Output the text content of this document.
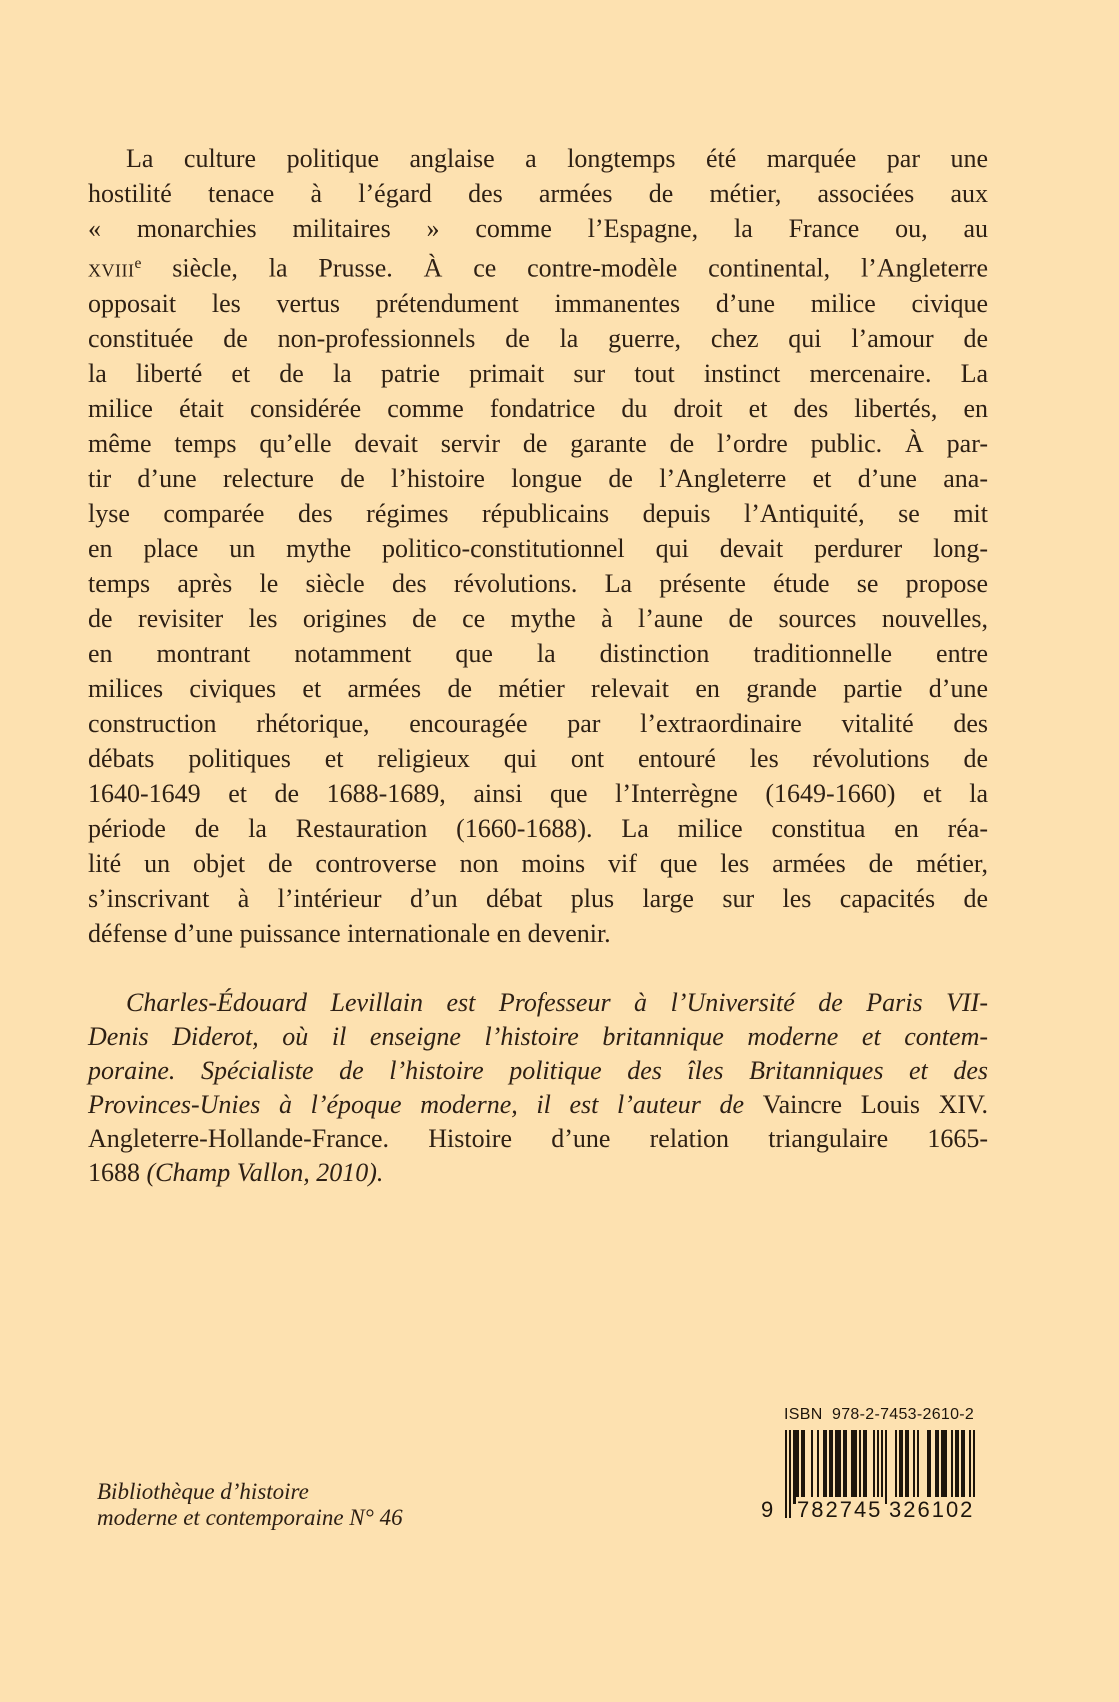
La culture politique anglaise a longtemps été marquée par une
hostilité tenace à l’égard des armées de métier, associées aux
« monarchies militaires » comme l’Espagne, la France ou, au
xviii$^e$ siècle, la Prusse. À ce contre-modèle continental, l’Angleterre
opposait les vertus prétendument immanentes d’une milice civique
constituée de non-professionnels de la guerre, chez qui l’amour de
la liberté et de la patrie primait sur tout instinct mercenaire. La
milice était considérée comme fondatrice du droit et des libertés, en
même temps qu’elle devait servir de garante de l’ordre public. À par-
tir d’une relecture de l’histoire longue de l’Angleterre et d’une ana-
lyse comparée des régimes républicains depuis l’Antiquité, se mit
en place un mythe politico-constitutionnel qui devait perdurer long-
temps après le siècle des révolutions. La présente étude se propose
de revisiter les origines de ce mythe à l’aune de sources nouvelles,
en montrant notamment que la distinction traditionnelle entre
milices civiques et armées de métier relevait en grande partie d’une
construction rhétorique, encouragée par l’extraordinaire vitalité des
débats politiques et religieux qui ont entouré les révolutions de
1640-1649 et de 1688-1689, ainsi que l’Interrègne (1649-1660) et la
période de la Restauration (1660-1688). La milice constitua en réa-
lité un objet de controverse non moins vif que les armées de métier,
s’inscrivant à l’intérieur d’un débat plus large sur les capacités de
défense d’une puissance internationale en devenir.
Charles-Édouard Levillain est Professeur à l’Université de Paris VII-
Denis Diderot, où il enseigne l’histoire britannique moderne et contem-
poraine. Spécialiste de l’histoire politique des îles Britanniques et des
Provinces-Unies à l’époque moderne, il est l’auteur de Vaincre Louis XIV.
Angleterre-Hollande-France. Histoire d’une relation triangulaire 1665-
1688 (Champ Vallon, 2010).
Bibliothèque d’histoire
moderne et contemporaine N° 46
ISBN  978-2-7453-2610-2
9 782745 326102
